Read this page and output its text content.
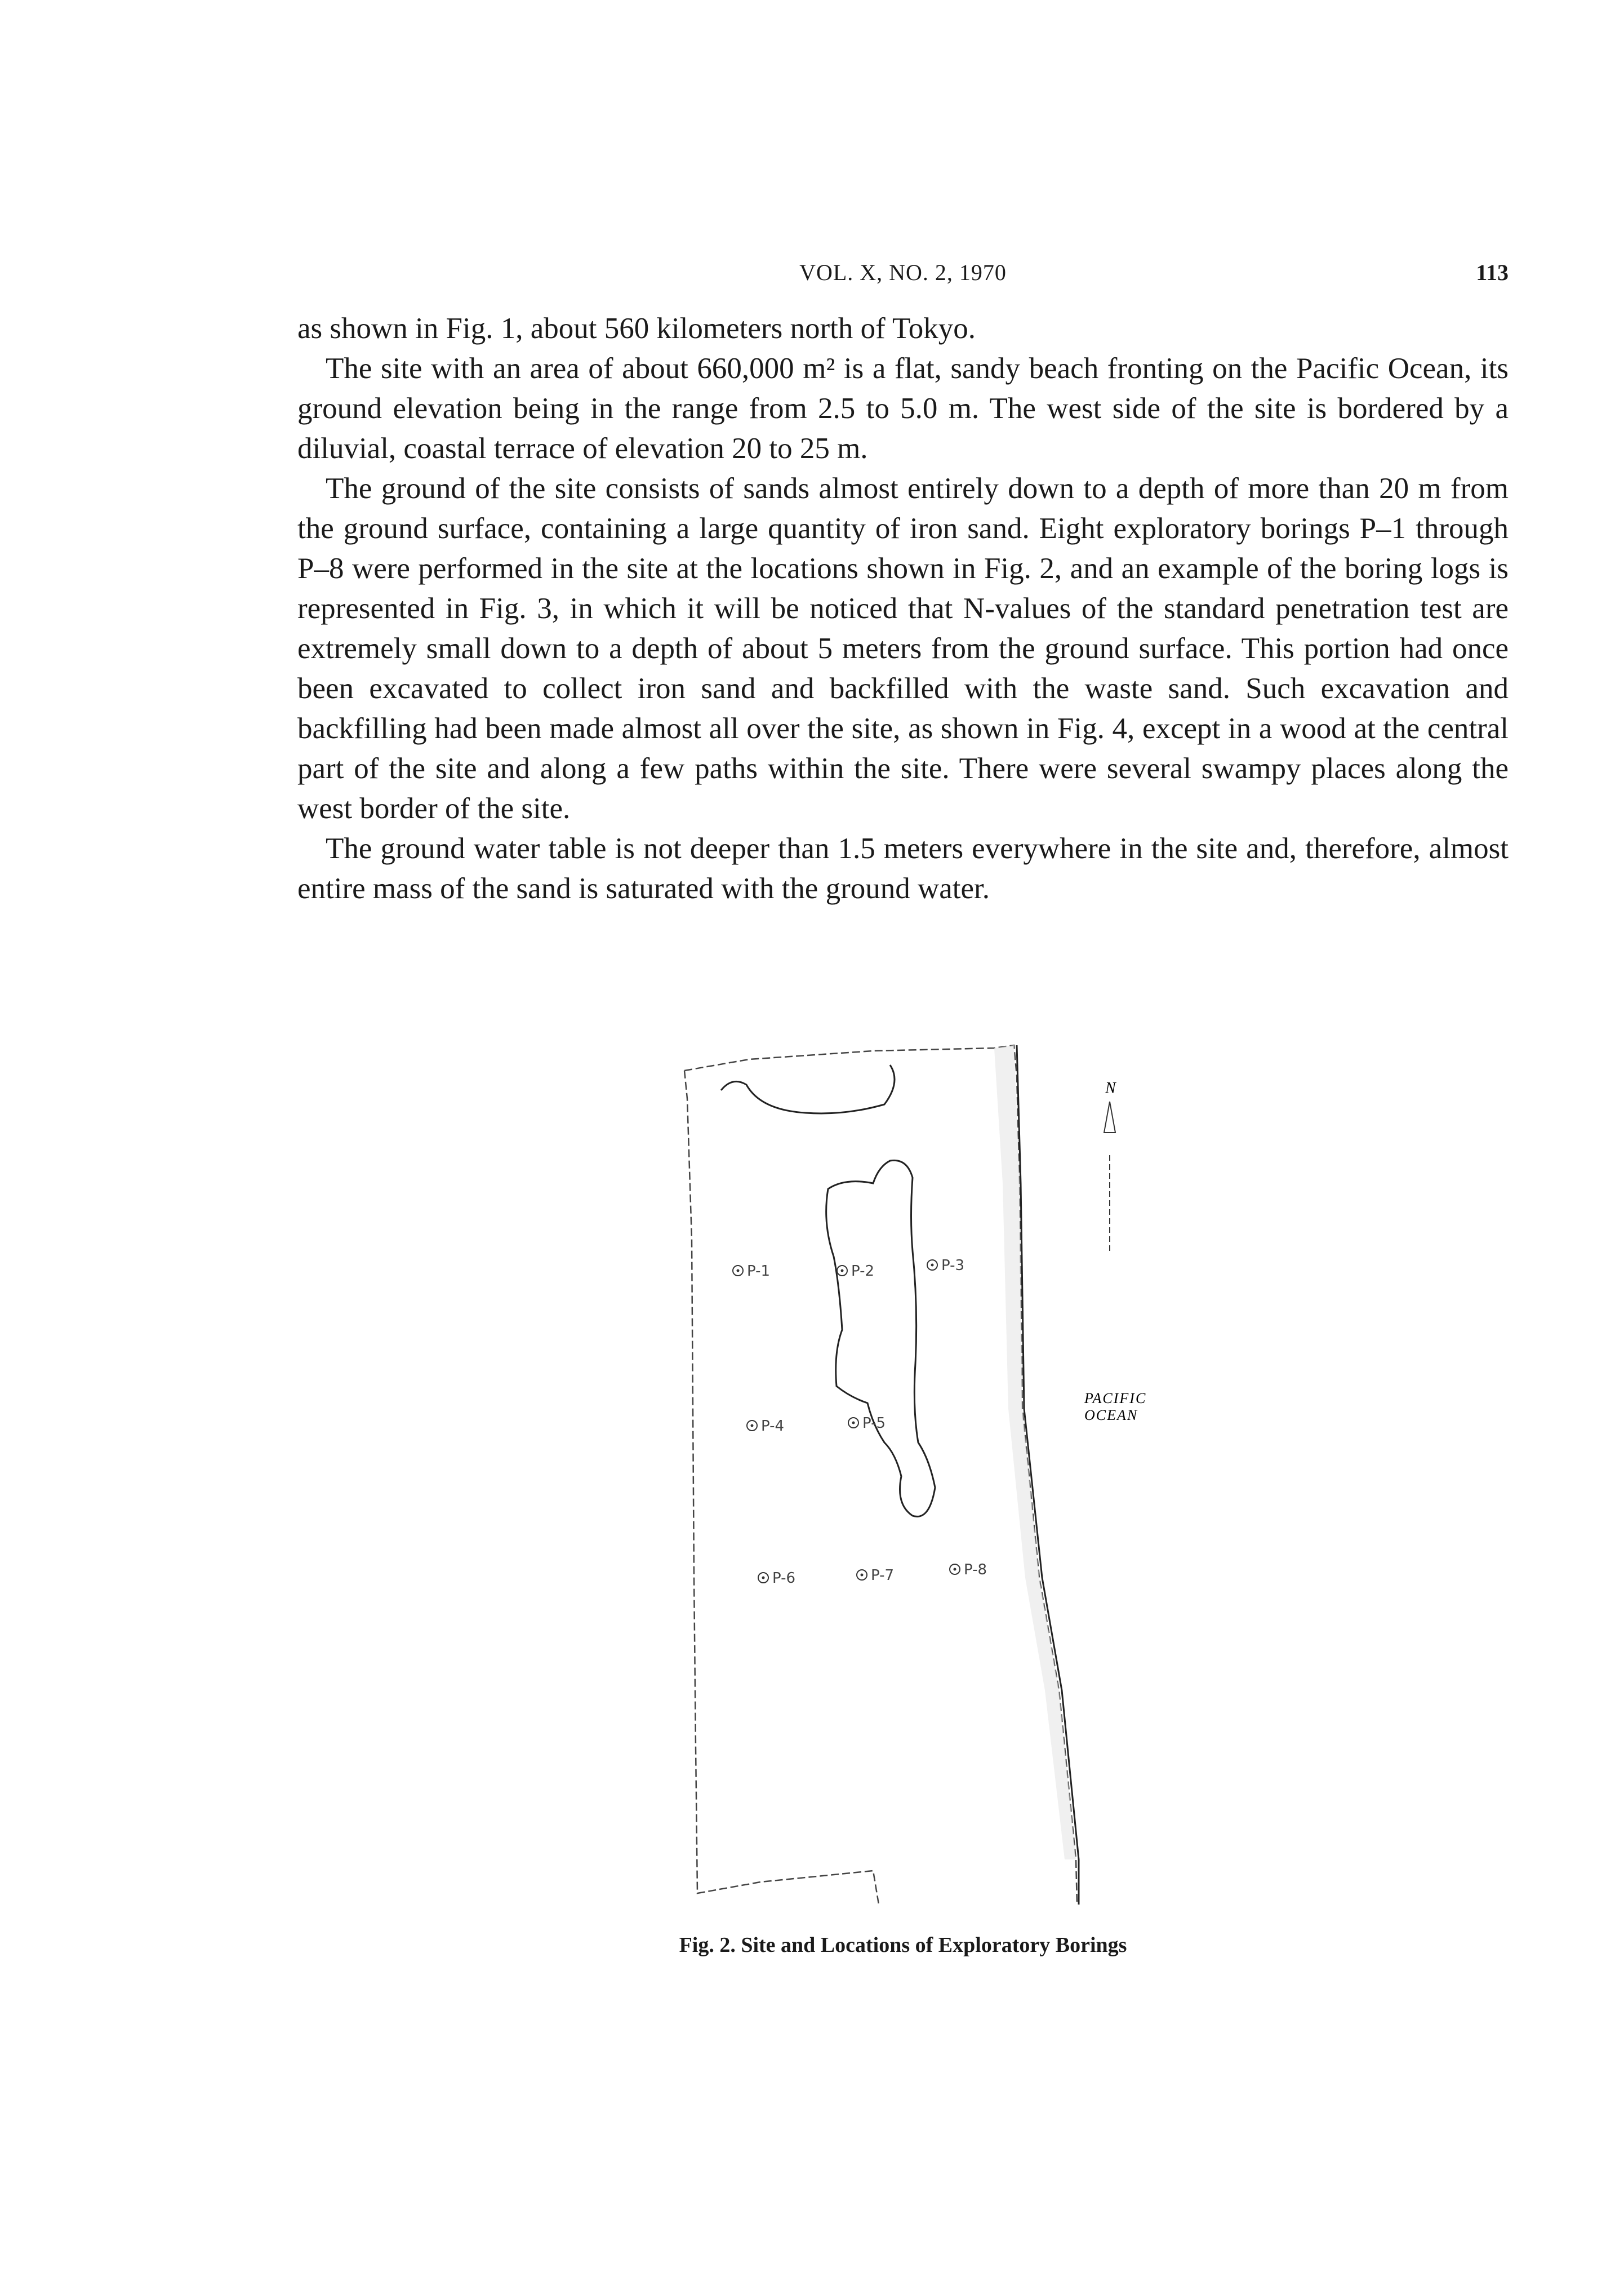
VOL. X, NO. 2, 1970	113

as shown in Fig. 1, about 560 kilometers north of Tokyo.

The site with an area of about 660,000 m² is a flat, sandy beach fronting on the Pacific Ocean, its ground elevation being in the range from 2.5 to 5.0 m. The west side of the site is bordered by a diluvial, coastal terrace of elevation 20 to 25 m.

The ground of the site consists of sands almost entirely down to a depth of more than 20 m from the ground surface, containing a large quantity of iron sand. Eight exploratory borings P–1 through P–8 were performed in the site at the locations shown in Fig. 2, and an example of the boring logs is represented in Fig. 3, in which it will be noticed that N-values of the standard penetration test are extremely small down to a depth of about 5 meters from the ground surface. This portion had once been excavated to collect iron sand and backfilled with the waste sand. Such excavation and backfilling had been made almost all over the site, as shown in Fig. 4, except in a wood at the central part of the site and along a few paths within the site. There were several swampy places along the west border of the site.

The ground water table is not deeper than 1.5 meters everywhere in the site and, therefore, almost entire mass of the sand is saturated with the ground water.

N
PACIFIC
OCEAN
P-1	P-2	P-3
P-4	P-5
P-6	P-7	P-8
Fig. 2. Site and Locations of Exploratory Borings
